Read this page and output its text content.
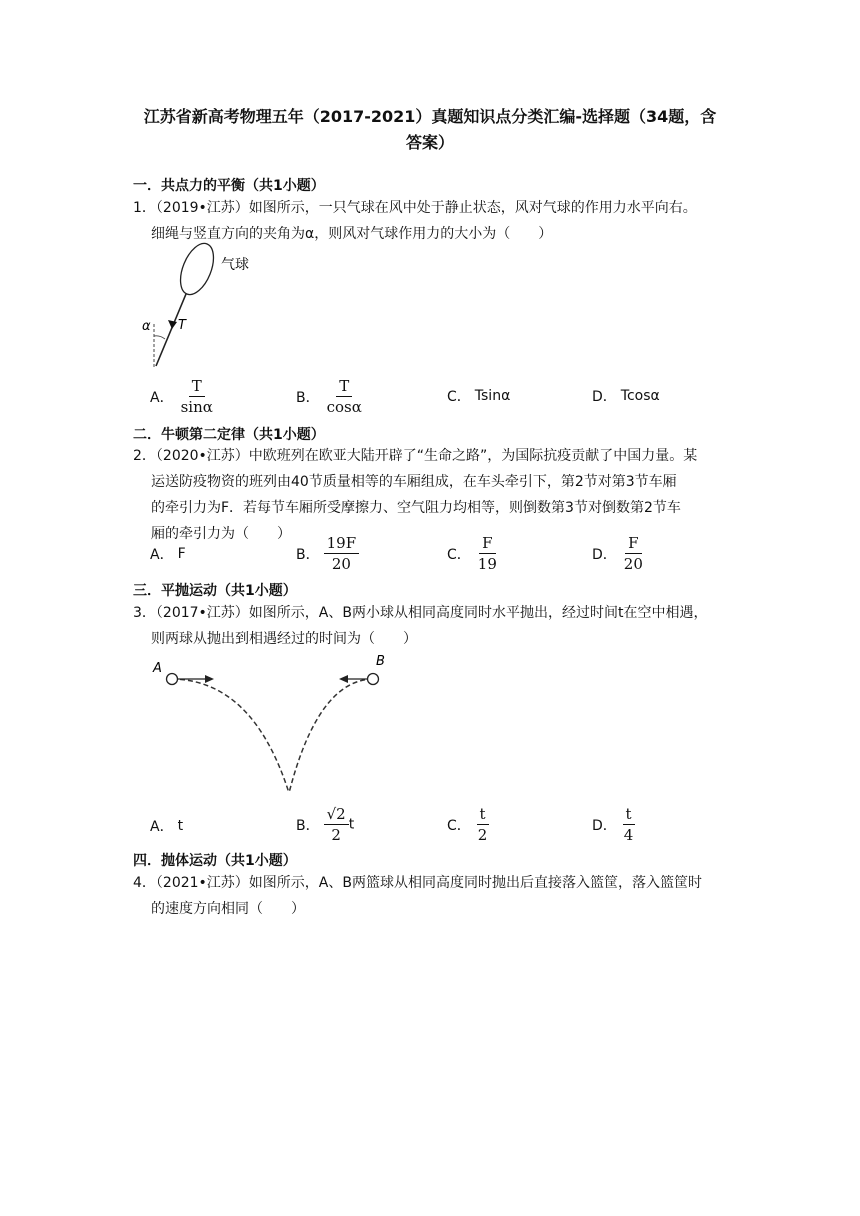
江苏省新高考物理五年（2017-2021）真题知识点分类汇编-选择题（34题，含
答案）
一．共点力的平衡（共1小题）
1．（2019•江苏）如图所示，一只气球在风中处于静止状态，风对气球的作用力水平向右。
细绳与竖直方向的夹角为α，则风对气球作用力的大小为（　　）
气球
α T
A． $\frac{T}{\sin\alpha}$	B． $\frac{T}{\cos\alpha}$	C． Tsinα	D． Tcosα
二．牛顿第二定律（共1小题）
2．（2020•江苏）中欧班列在欧亚大陆开辟了“生命之路”，为国际抗疫贡献了中国力量。某
运送防疫物资的班列由40节质量相等的车厢组成，在车头牵引下，第2节对第3节车厢
的牵引力为F．若每节车厢所受摩擦力、空气阻力均相等，则倒数第3节对倒数第2节车
厢的牵引力为（　　）
A． F	B． $\frac{19F}{20}$	C． $\frac{F}{19}$	D． $\frac{F}{20}$
三．平抛运动（共1小题）
3．（2017•江苏）如图所示，A、B两小球从相同高度同时水平抛出，经过时间t在空中相遇，
则两球从抛出到相遇经过的时间为（　　）
A	B
A． t	B． $\frac{√2}{2}$ t	C． $\frac{t}{2}$	D． $\frac{t}{4}$
四．抛体运动（共1小题）
4．（2021•江苏）如图所示，A、B两篮球从相同高度同时抛出后直接落入篮筐，落入篮筐时
的速度方向相同（　　）
